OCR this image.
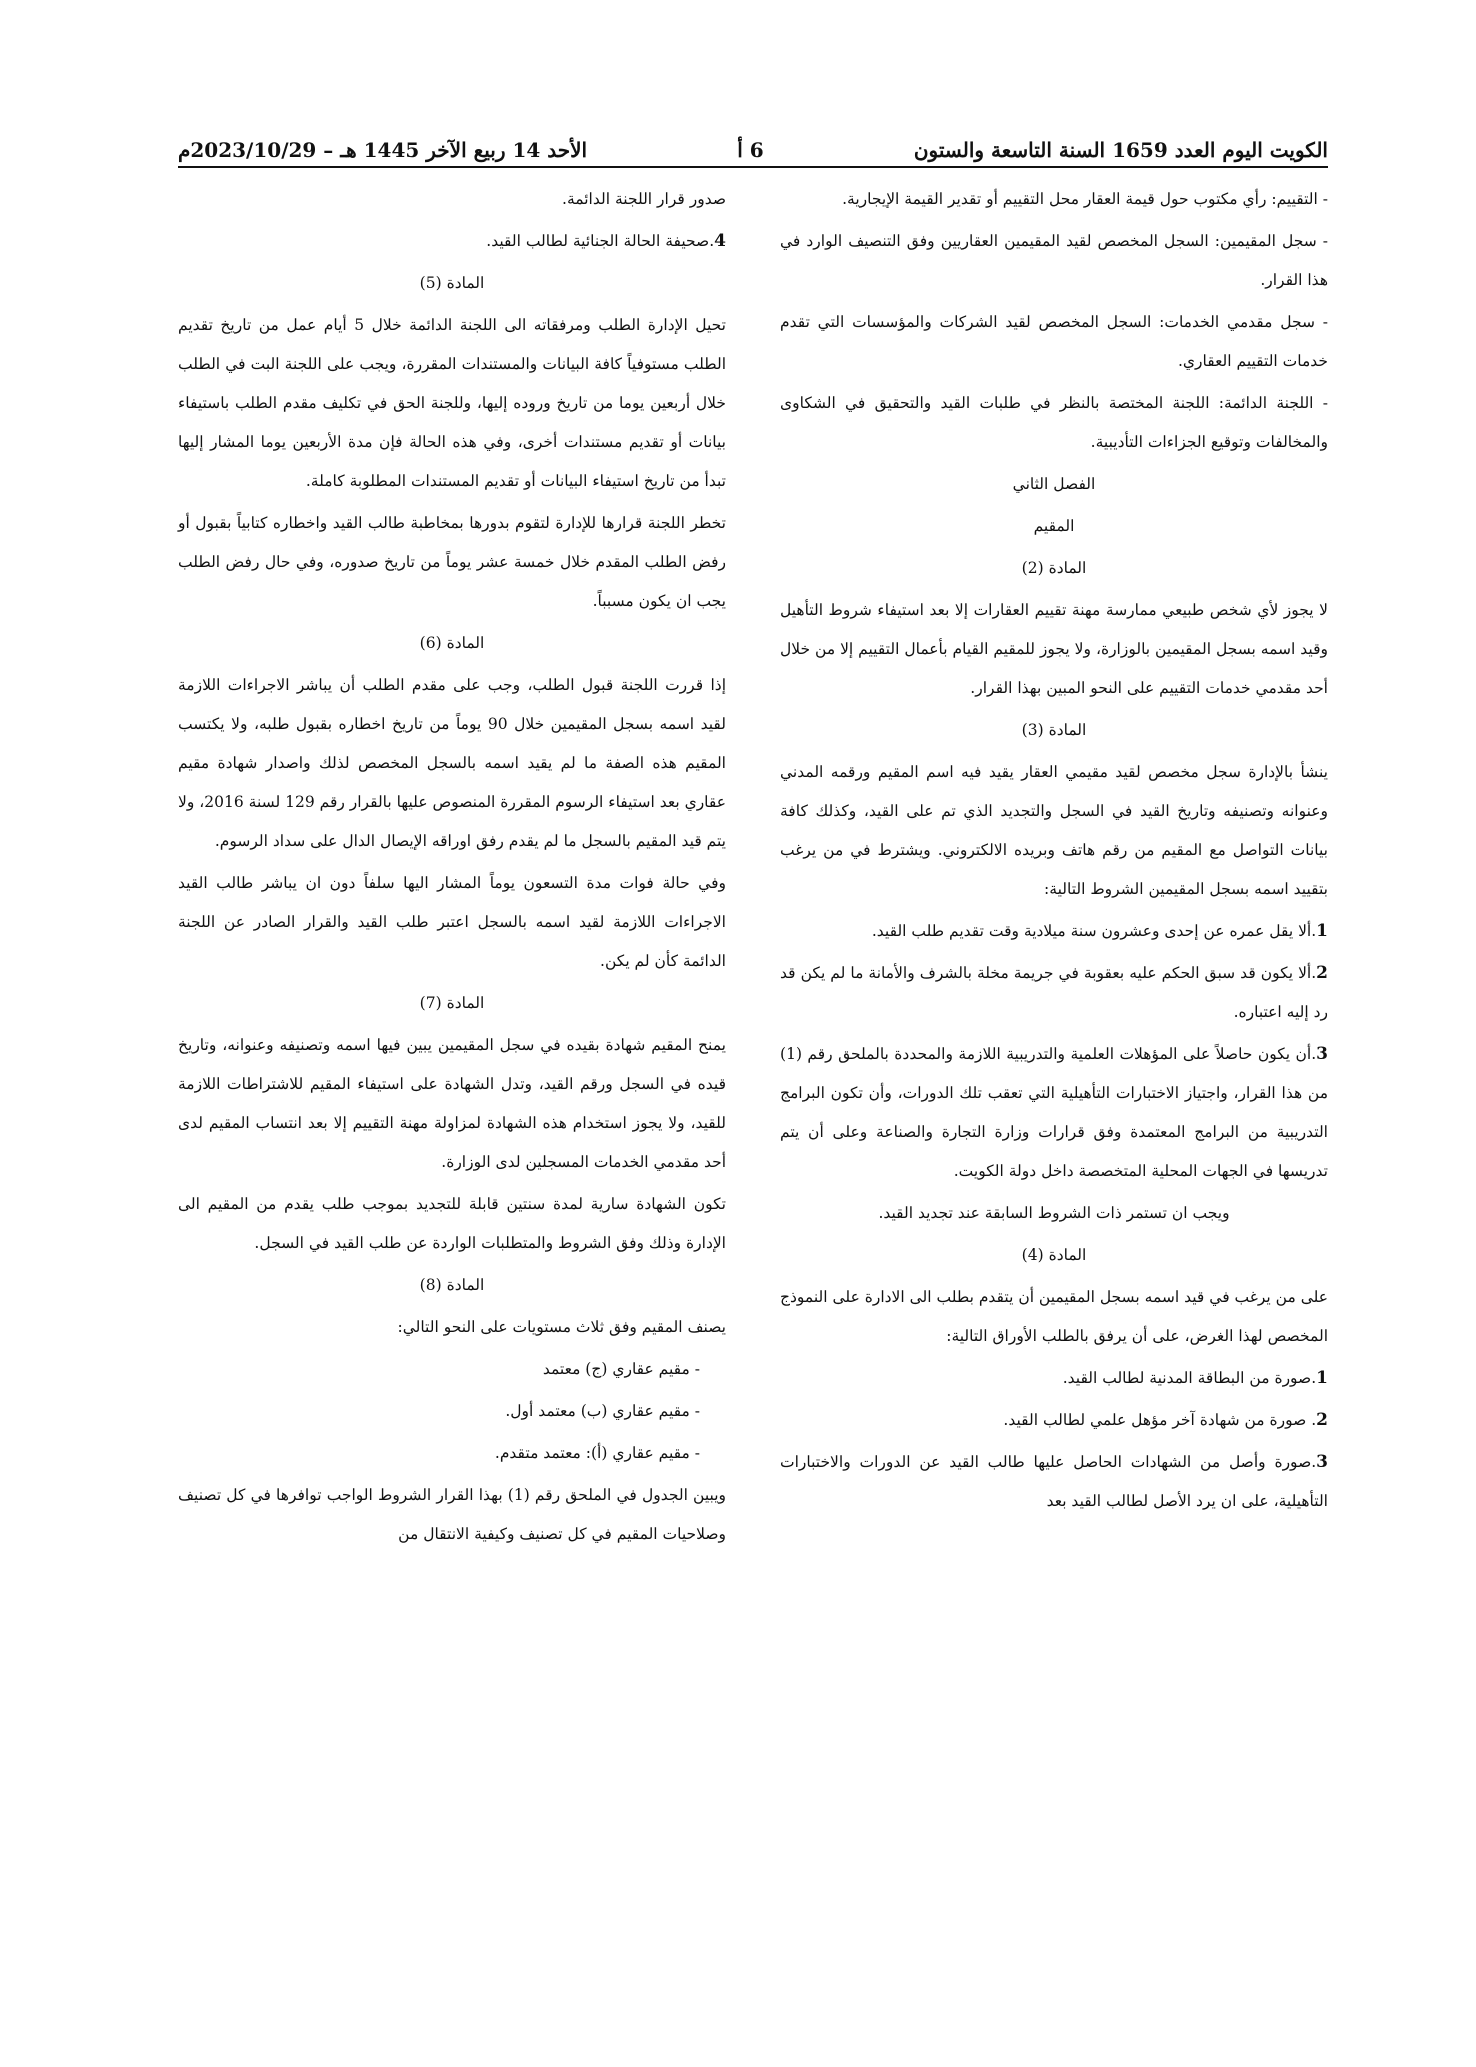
الكويت اليوم العدد 1659 السنة التاسعة والستون
6 أ
الأحد 14 ربيع الآخر 1445 هـ – 2023/10/29م

- التقييم: رأي مكتوب حول قيمة العقار محل التقييم أو تقدير القيمة الإيجارية.

- سجل المقيمين: السجل المخصص لقيد المقيمين العقاريين وفق التنصيف الوارد في هذا القرار.

- سجل مقدمي الخدمات: السجل المخصص لقيد الشركات والمؤسسات التي تقدم خدمات التقييم العقاري.

- اللجنة الدائمة: اللجنة المختصة بالنظر في طلبات القيد والتحقيق في الشكاوى والمخالفات وتوقيع الجزاءات التأديبية.

الفصل الثاني

المقيم

المادة (2)

لا يجوز لأي شخص طبيعي ممارسة مهنة تقييم العقارات إلا بعد استيفاء شروط التأهيل وقيد اسمه بسجل المقيمين بالوزارة، ولا يجوز للمقيم القيام بأعمال التقييم إلا من خلال أحد مقدمي خدمات التقييم على النحو المبين بهذا القرار.

المادة (3)

ينشأ بالإدارة سجل مخصص لقيد مقيمي العقار يقيد فيه اسم المقيم ورقمه المدني وعنوانه وتصنيفه وتاريخ القيد في السجل والتجديد الذي تم على القيد، وكذلك كافة بيانات التواصل مع المقيم من رقم هاتف وبريده الالكتروني. ويشترط في من يرغب بتقييد اسمه بسجل المقيمين الشروط التالية:

1.ألا يقل عمره عن إحدى وعشرون سنة ميلادية وقت تقديم طلب القيد.

2.ألا يكون قد سبق الحكم عليه بعقوبة في جريمة مخلة بالشرف والأمانة ما لم يكن قد رد إليه اعتباره.

3.أن يكون حاصلاً على المؤهلات العلمية والتدريبية اللازمة والمحددة بالملحق رقم (1) من هذا القرار، واجتياز الاختبارات التأهيلية التي تعقب تلك الدورات، وأن تكون البرامج التدريبية من البرامج المعتمدة وفق قرارات وزارة التجارة والصناعة وعلى أن يتم تدريسها في الجهات المحلية المتخصصة داخل دولة الكويت.

ويجب ان تستمر ذات الشروط السابقة عند تجديد القيد.

المادة (4)

على من يرغب في قيد اسمه بسجل المقيمين أن يتقدم بطلب الى الادارة على النموذج المخصص لهذا الغرض، على أن يرفق بالطلب الأوراق التالية:

1.صورة من البطاقة المدنية لطالب القيد.

2. صورة من شهادة آخر مؤهل علمي لطالب القيد.

3.صورة وأصل من الشهادات الحاصل عليها طالب القيد عن الدورات والاختبارات التأهيلية، على ان يرد الأصل لطالب القيد بعد

صدور قرار اللجنة الدائمة.

4.صحيفة الحالة الجنائية لطالب القيد.

المادة (5)

تحيل الإدارة الطلب ومرفقاته الى اللجنة الدائمة خلال 5 أيام عمل من تاريخ تقديم الطلب مستوفياً كافة البيانات والمستندات المقررة، ويجب على اللجنة البت في الطلب خلال أربعين يوما من تاريخ وروده إليها، وللجنة الحق في تكليف مقدم الطلب باستيفاء بيانات أو تقديم مستندات أخرى، وفي هذه الحالة فإن مدة الأربعين يوما المشار إليها تبدأ من تاريخ استيفاء البيانات أو تقديم المستندات المطلوبة كاملة.

تخطر اللجنة قرارها للإدارة لتقوم بدورها بمخاطبة طالب القيد واخطاره كتابياً بقبول أو رفض الطلب المقدم خلال خمسة عشر يوماً من تاريخ صدوره، وفي حال رفض الطلب يجب ان يكون مسبباً.

المادة (6)

إذا قررت اللجنة قبول الطلب، وجب على مقدم الطلب أن يباشر الاجراءات اللازمة لقيد اسمه بسجل المقيمين خلال 90 يوماً من تاريخ اخطاره بقبول طلبه، ولا يكتسب المقيم هذه الصفة ما لم يقيد اسمه بالسجل المخصص لذلك واصدار شهادة مقيم عقاري بعد استيفاء الرسوم المقررة المنصوص عليها بالقرار رقم 129 لسنة 2016، ولا يتم قيد المقيم بالسجل ما لم يقدم رفق اوراقه الإيصال الدال على سداد الرسوم.

وفي حالة فوات مدة التسعون يوماً المشار اليها سلفاً دون ان يباشر طالب القيد الاجراءات اللازمة لقيد اسمه بالسجل اعتبر طلب القيد والقرار الصادر عن اللجنة الدائمة كأن لم يكن.

المادة (7)

يمنح المقيم شهادة بقيده في سجل المقيمين يبين فيها اسمه وتصنيفه وعنوانه، وتاريخ قيده في السجل ورقم القيد، وتدل الشهادة على استيفاء المقيم للاشتراطات اللازمة للقيد، ولا يجوز استخدام هذه الشهادة لمزاولة مهنة التقييم إلا بعد انتساب المقيم لدى أحد مقدمي الخدمات المسجلين لدى الوزارة.

تكون الشهادة سارية لمدة سنتين قابلة للتجديد بموجب طلب يقدم من المقيم الى الإدارة وذلك وفق الشروط والمتطلبات الواردة عن طلب القيد في السجل.

المادة (8)

يصنف المقيم وفق ثلاث مستويات على النحو التالي:

- مقيم عقاري (ج) معتمد

- مقيم عقاري (ب) معتمد أول.

- مقيم عقاري (أ): معتمد متقدم.

ويبين الجدول في الملحق رقم (1) بهذا القرار الشروط الواجب توافرها في كل تصنيف وصلاحيات المقيم في كل تصنيف وكيفية الانتقال من
